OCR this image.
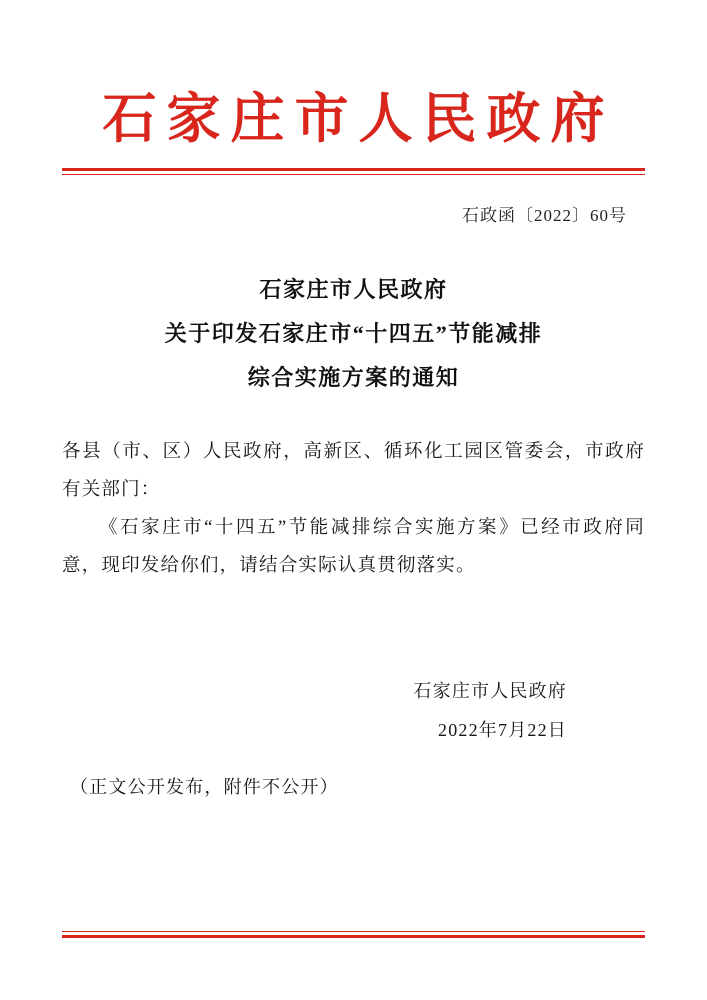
石家庄市人民政府
石政函〔2022〕60号
石家庄市人民政府
关于印发石家庄市“十四五”节能减排
综合实施方案的通知
各县（市、区）人民政府，高新区、循环化工园区管委会，市政府有关部门：
《石家庄市“十四五”节能减排综合实施方案》已经市政府同意，现印发给你们，请结合实际认真贯彻落实。
石家庄市人民政府
2022年7月22日
（正文公开发布，附件不公开）
